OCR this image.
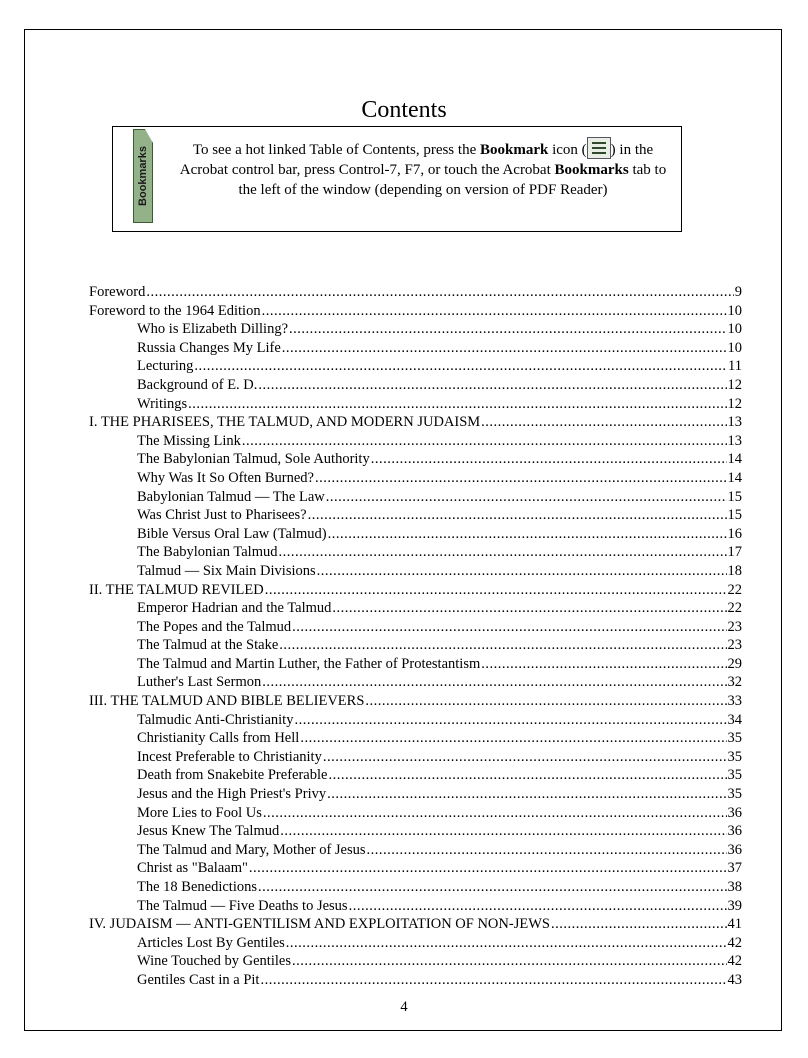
Contents
Bookmarks	To see a hot linked Table of Contents, press the Bookmark icon ( ) in the Acrobat control bar, press Control-7, F7, or touch the Acrobat Bookmarks tab to the left of the window (depending on version of PDF Reader)
Foreword .....	9
Foreword to the 1964 Edition .....	10
Who is Elizabeth Dilling? .....	10
Russia Changes My Life .....	10
Lecturing .....	11
Background of E. D. .....	12
Writings .....	12
I. THE PHARISEES, THE TALMUD, AND MODERN JUDAISM .....	13
The Missing Link .....	13
The Babylonian Talmud, Sole Authority .....	14
Why Was It So Often Burned? .....	14
Babylonian Talmud — The Law .....	15
Was Christ Just to Pharisees? .....	15
Bible Versus Oral Law (Talmud) .....	16
The Babylonian Talmud .....	17
Talmud — Six Main Divisions .....	18
II. THE TALMUD REVILED .....	22
Emperor Hadrian and the Talmud .....	22
The Popes and the Talmud .....	23
The Talmud at the Stake .....	23
The Talmud and Martin Luther, the Father of Protestantism .....	29
Luther's Last Sermon .....	32
III. THE TALMUD AND BIBLE BELIEVERS .....	33
Talmudic Anti-Christianity .....	34
Christianity Calls from Hell .....	35
Incest Preferable to Christianity .....	35
Death from Snakebite Preferable .....	35
Jesus and the High Priest's Privy .....	35
More Lies to Fool Us .....	36
Jesus Knew The Talmud .....	36
The Talmud and Mary, Mother of Jesus .....	36
Christ as "Balaam" .....	37
The 18 Benedictions .....	38
The Talmud — Five Deaths to Jesus .....	39
IV. JUDAISM — ANTI-GENTILISM AND EXPLOITATION OF NON-JEWS .....	41
Articles Lost By Gentiles .....	42
Wine Touched by Gentiles .....	42
Gentiles Cast in a Pit .....	43
4
